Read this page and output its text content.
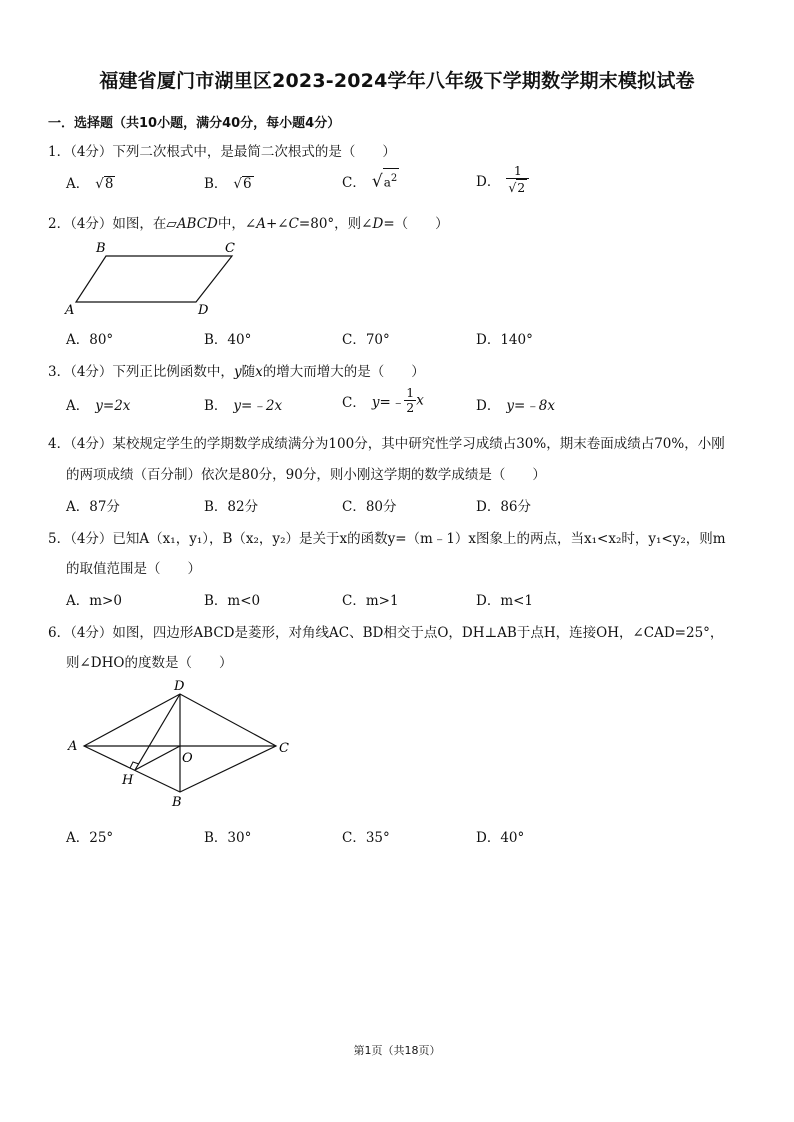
福建省厦门市湖里区2023-2024学年八年级下学期数学期末模拟试卷
一．选择题（共10小题，满分40分，每小题4分）
1．（4分）下列二次根式中，是最简二次根式的是（　　）
A． √8	B． √6	C． $√a^2$	D． $\frac{1}{√2}$
2．（4分）如图，在▱ABCD中，∠A+∠C=80°，则∠D=（　　）
B	C
A	D
A．80°	B．40°	C．70°	D．140°
3．（4分）下列正比例函数中，y随x的增大而增大的是（　　）
A． y=2x	B． y=﹣2x	C． y=﹣ $\frac{1}{2}$ x	D． y=﹣8x
4．（4分）某校规定学生的学期数学成绩满分为100分，其中研究性学习成绩占30%，期末卷面成绩占70%，小刚
的两项成绩（百分制）依次是80分，90分，则小刚这学期的数学成绩是（　　）
A．87分	B．82分	C．80分	D．86分
5．（4分）已知A（x₁，y₁），B（x₂，y₂）是关于x的函数y=（m﹣1）x图象上的两点，当x₁<x₂时，y₁<y₂，则m
的取值范围是（　　）
A．m>0	B．m<0	C．m>1	D．m<1
6．（4分）如图，四边形ABCD是菱形，对角线AC、BD相交于点O，DH⊥AB于点H，连接OH，∠CAD=25°，
则∠DHO的度数是（　　）
D
A	C
O
H
B
A．25°	B．30°	C．35°	D．40°
第1页（共18页）
